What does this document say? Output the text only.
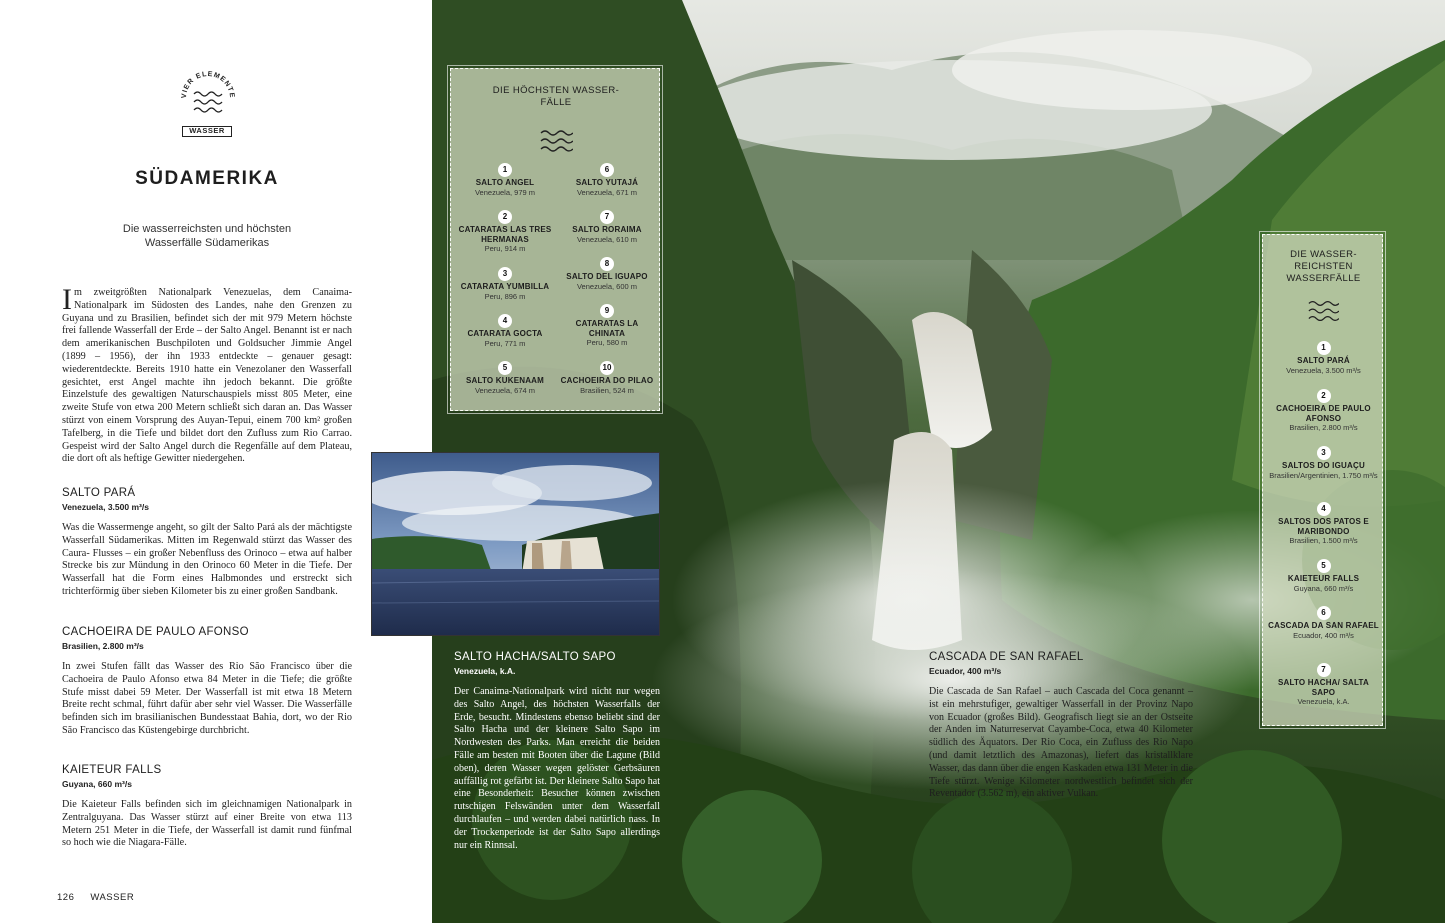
VIER ELEMENTE
WASSER
SÜDAMERIKA
Die wasserreichsten und höchsten Wasserfälle Südamerikas
Im zweitgrößten Nationalpark Venezuelas, dem Canaima-Nationalpark im Südosten des Landes, nahe den Grenzen zu Guyana und zu Brasilien, befindet sich der mit 979 Metern höchste frei fallende Wasserfall der Erde – der Salto Angel. Benannt ist er nach dem amerikanischen Buschpiloten und Goldsucher Jimmie Angel (1899 – 1956), der ihn 1933 entdeckte – genauer gesagt: wiederentdeckte. Bereits 1910 hatte ein Venezolaner den Wasserfall gesichtet, erst Angel machte ihn jedoch bekannt. Die größte Einzelstufe des gewaltigen Naturschauspiels misst 805 Meter, eine zweite Stufe von etwa 200 Metern schließt sich daran an. Das Wasser stürzt von einem Vorsprung des Auyan-Tepui, einem 700 km² großen Tafelberg, in die Tiefe und bildet dort den Zufluss zum Rio Carrao. Gespeist wird der Salto Angel durch die Regenfälle auf dem Plateau, die dort oft als heftige Gewitter niedergehen.
SALTO PARÁ
Venezuela, 3.500 m³/s

Was die Wassermenge angeht, so gilt der Salto Pará als der mächtigste Wasserfall Südamerikas. Mitten im Regenwald stürzt das Wasser des Caura- Flusses – ein großer Nebenfluss des Orinoco – etwa auf halber Strecke bis zur Mündung in den Orinoco 60 Meter in die Tiefe. Der Wasserfall hat die Form eines Halbmondes und erstreckt sich trichterförmig über sieben Kilometer bis zu einer großen Sandbank.

CACHOEIRA DE PAULO AFONSO
Brasilien, 2.800 m³/s

In zwei Stufen fällt das Wasser des Rio São Francisco über die Cachoeira de Paulo Afonso etwa 84 Meter in die Tiefe; die größte Stufe misst dabei 59 Meter. Der Wasserfall ist mit etwa 18 Metern Breite recht schmal, führt dafür aber sehr viel Wasser. Die Wasserfälle befinden sich im brasilianischen Bundesstaat Bahia, dort, wo der Rio São Francisco das Küstengebirge durchbricht.

KAIETEUR FALLS
Guyana, 660 m³/s

Die Kaieteur Falls befinden sich im gleichnamigen Nationalpark in Zentralguyana. Das Wasser stürzt auf einer Breite von etwa 113 Metern 251 Meter in die Tiefe, der Wasserfall ist damit rund fünfmal so hoch wie die Niagara-Fälle.

126 WASSER
DIE HÖCHSTEN WASSER-FÄLLE
1
SALTO ANGEL
Venezuela, 979 m
2
CATARATAS LAS TRES HERMANAS
Peru, 914 m
3
CATARATA YUMBILLA
Peru, 896 m
4
CATARATA GOCTA
Peru, 771 m
5
SALTO KUKENAAM
Venezuela, 674 m
6
SALTO YUTAJÁ
Venezuela, 671 m
7
SALTO RORAIMA
Venezuela, 610 m
8
SALTO DEL IGUAPO
Venezuela, 600 m
9
CATARATAS LA CHINATA
Peru, 580 m
10
CACHOEIRA DO PILAO
Brasilien, 524 m
DIE WASSER-REICHSTEN WASSERFÄLLE
1
SALTO PARÁ
Venezuela, 3.500 m³/s
2
CACHOEIRA DE PAULO AFONSO
Brasilien, 2.800 m³/s
3
SALTOS DO IGUAÇU
Brasilien/Argentinien, 1.750 m³/s
4
SALTOS DOS PATOS E MARIBONDO
Brasilien, 1.500 m³/s
5
KAIETEUR FALLS
Guyana, 660 m³/s
6
CASCADA DA SAN RAFAEL
Ecuador, 400 m³/s
7
SALTO HACHA/ SALTA SAPO
Venezuela, k.A.
CASCADA DE SAN RAFAEL
Ecuador, 400 m³/s

Die Cascada de San Rafael – auch Cascada del Coca genannt – ist ein mehrstufiger, gewaltiger Wasserfall in der Provinz Napo von Ecuador (großes Bild). Geografisch liegt sie an der Ostseite der Anden im Naturreservat Cayambe-Coca, etwa 40 Kilometer südlich des Äquators. Der Rio Coca, ein Zufluss des Rio Napo (und damit letztlich des Amazonas), liefert das kristallklare Wasser, das dann über die engen Kaskaden etwa 131 Meter in die Tiefe stürzt. Wenige Kilometer nordwestlich befindet sich der Reventador (3.562 m), ein aktiver Vulkan.

SALTO HACHA/SALTO SAPO
Venezuela, k.A.

Der Canaima-Nationalpark wird nicht nur wegen des Salto Angel, des höchsten Wasserfalls der Erde, besucht. Mindestens ebenso beliebt sind der Salto Hacha und der kleinere Salto Sapo im Nordwesten des Parks. Man erreicht die beiden Fälle am besten mit Booten über die Lagune (Bild oben), deren Wasser wegen gelöster Gerbsäuren auffällig rot gefärbt ist. Der kleinere Salto Sapo hat eine Besonderheit: Besucher können zwischen rutschigen Felswänden unter dem Wasserfall durchlaufen – und werden dabei natürlich nass. In der Trockenperiode ist der Salto Sapo allerdings nur ein Rinnsal.
